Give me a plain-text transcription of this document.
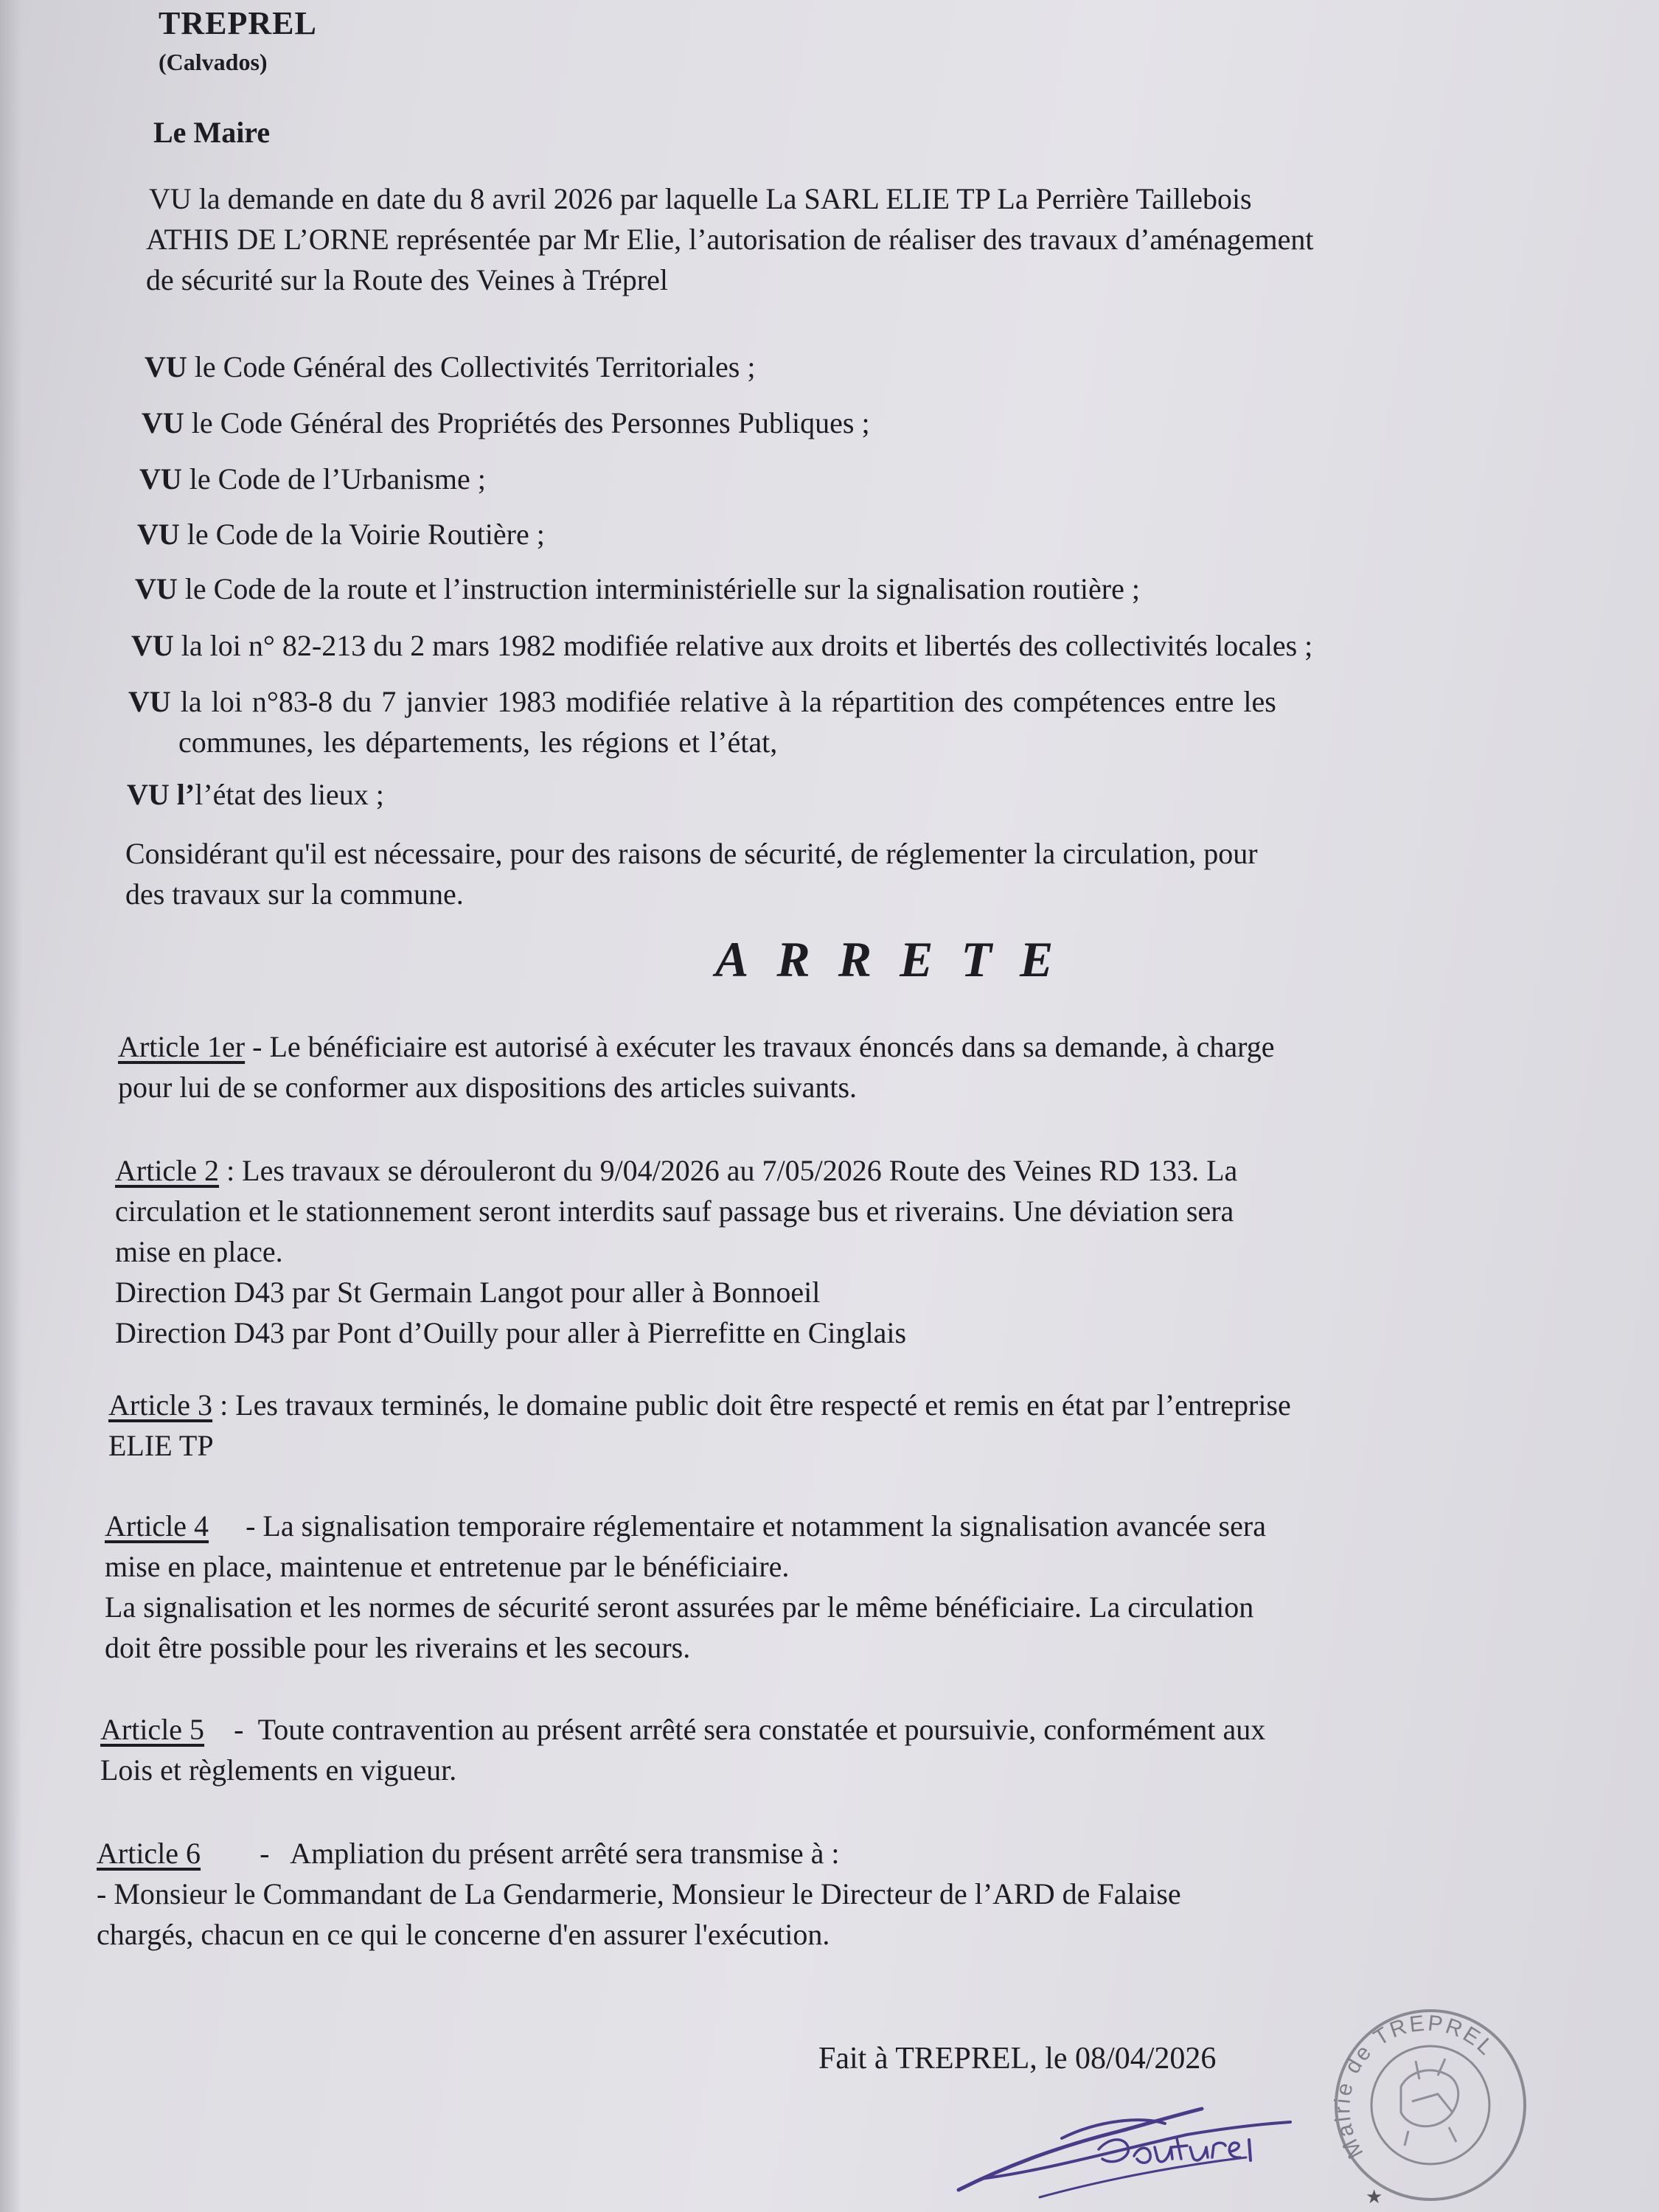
TREPREL
(Calvados)
Le Maire

VU la demande en date du 8 avril 2026 par laquelle La SARL ELIE TP La Perrière Taillebois

ATHIS DE L’ORNE représentée par Mr Elie, l’autorisation de réaliser des travaux d’aménagement

de sécurité sur la Route des Veines à Tréprel

VU le Code Général des Collectivités Territoriales ;
VU le Code Général des Propriétés des Personnes Publiques ;
VU le Code de l’Urbanisme ;
VU le Code de la Voirie Routière ;
VU le Code de la route et l’instruction interministérielle sur la signalisation routière ;
VU la loi n° 82-213 du 2 mars 1982 modifiée relative aux droits et libertés des collectivités locales ;
VU la loi n°83-8 du 7 janvier 1983 modifiée relative à la répartition des compétences entre les
communes, les départements, les régions et l’état,
VU l’l’état des lieux ;

Considérant qu'il est nécessaire, pour des raisons de sécurité, de réglementer la circulation, pour

des travaux sur la commune.

ARRETE

Article 1er - Le bénéficiaire est autorisé à exécuter les travaux énoncés dans sa demande, à charge

pour lui de se conformer aux dispositions des articles suivants.

Article 2 : Les travaux se dérouleront du 9/04/2026 au 7/05/2026 Route des Veines RD 133. La

circulation et le stationnement seront interdits sauf passage bus et riverains. Une déviation sera

mise en place.

Direction D43 par St Germain Langot pour aller à Bonnoeil

Direction D43 par Pont d’Ouilly pour aller à Pierrefitte en Cinglais

Article 3 : Les travaux terminés, le domaine public doit être respecté et remis en état par l’entreprise

ELIE TP

Article 4     - La signalisation temporaire réglementaire et notamment la signalisation avancée sera

mise en place, maintenue et entretenue par le bénéficiaire.

La signalisation et les normes de sécurité seront assurées par le même bénéficiaire. La circulation

doit être possible pour les riverains et les secours.

Article 5    -  Toute contravention au présent arrêté sera constatée et poursuivie, conformément aux

Lois et règlements en vigueur.

Article 6        -   Ampliation du présent arrêté sera transmise à :

- Monsieur le Commandant de La Gendarmerie, Monsieur le Directeur de l’ARD de Falaise

chargés, chacun en ce qui le concerne d'en assurer l'exécution.

Fait à TREPREL, le 08/04/2026
Mairie de TREPREL
★
